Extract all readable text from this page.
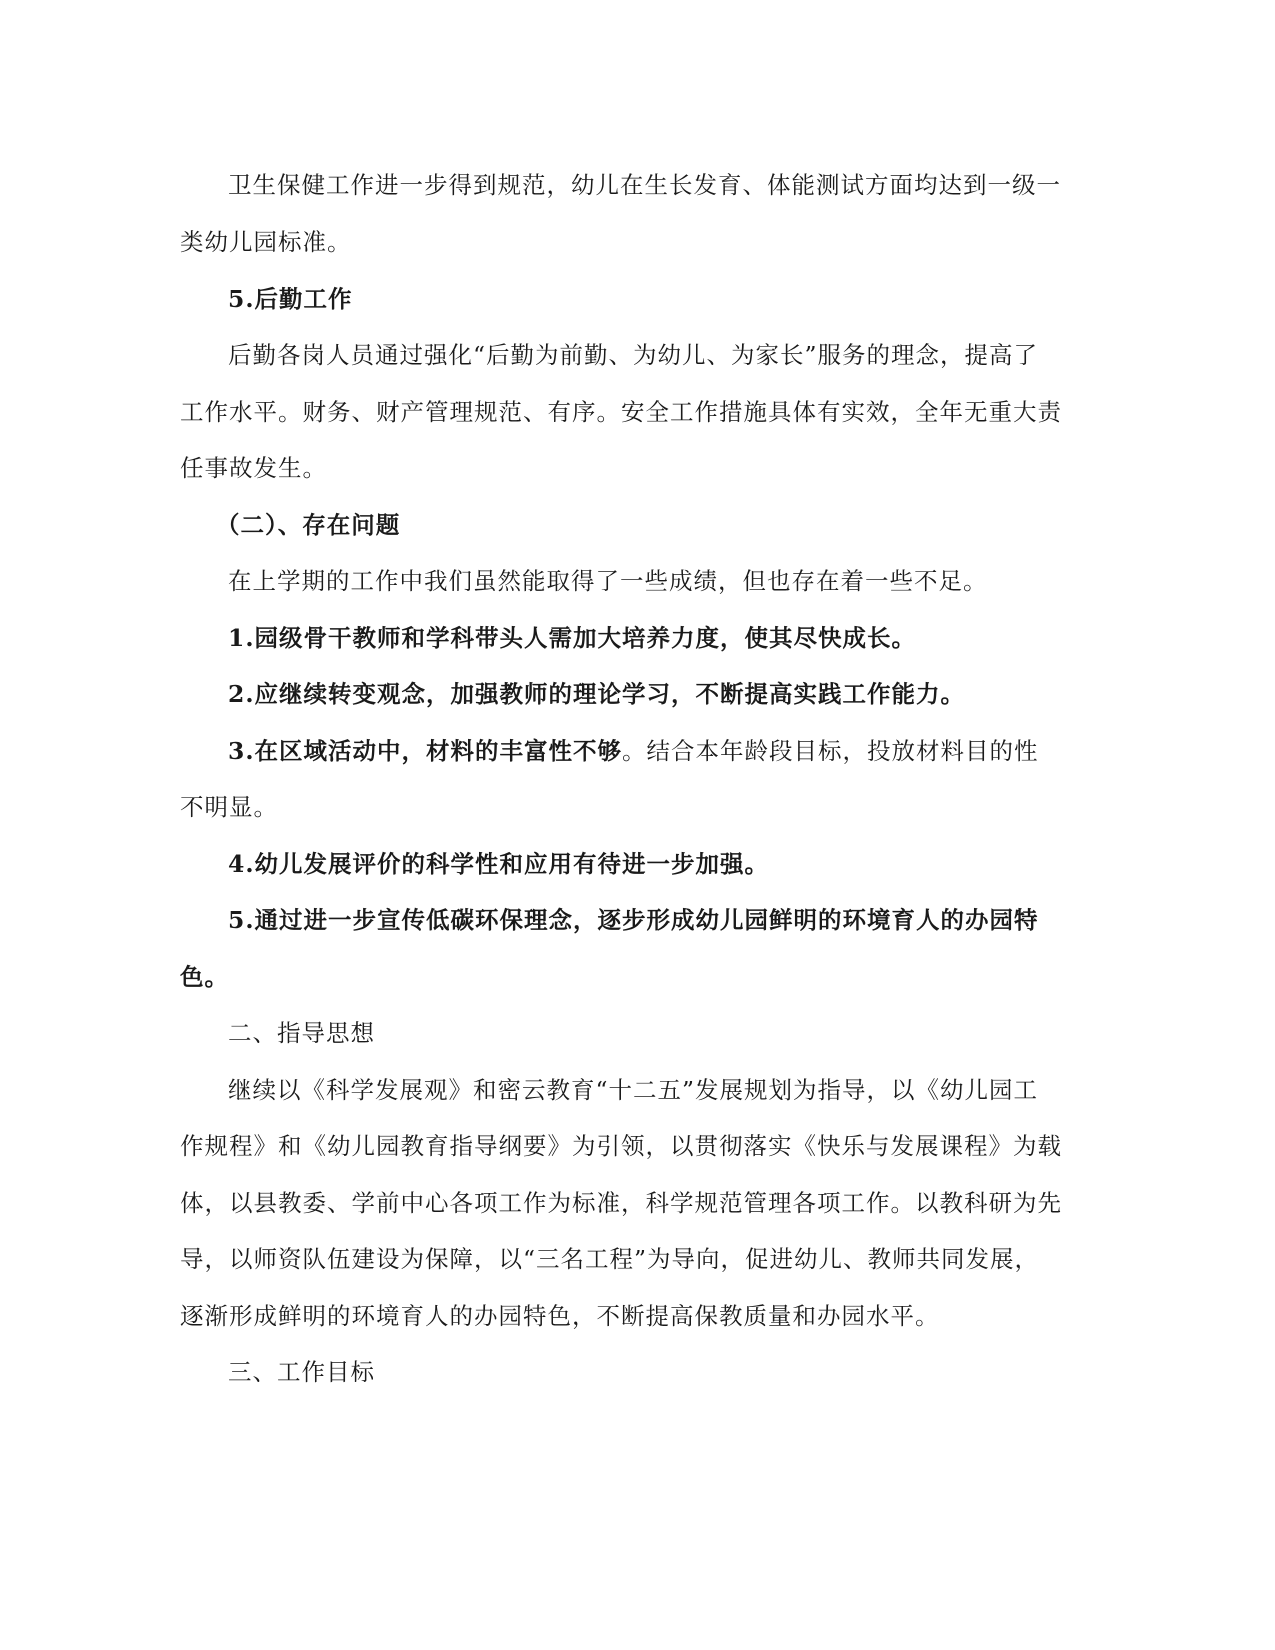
卫生保健工作进一步得到规范，幼儿在生长发育、体能测试方面均达到一级一
类幼儿园标准。
5.后勤工作
后勤各岗人员通过强化“后勤为前勤、为幼儿、为家长”服务的理念，提高了
工作水平。财务、财产管理规范、有序。安全工作措施具体有实效，全年无重大责
任事故发生。
（二）、存在问题
在上学期的工作中我们虽然能取得了一些成绩，但也存在着一些不足。
1.园级骨干教师和学科带头人需加大培养力度，使其尽快成长。
2.应继续转变观念，加强教师的理论学习，不断提高实践工作能力。
3.在区域活动中，材料的丰富性不够。结合本年龄段目标，投放材料目的性
不明显。
4.幼儿发展评价的科学性和应用有待进一步加强。
5.通过进一步宣传低碳环保理念，逐步形成幼儿园鲜明的环境育人的办园特
色。
二、指导思想
继续以《科学发展观》和密云教育“十二五”发展规划为指导，以《幼儿园工
作规程》和《幼儿园教育指导纲要》为引领，以贯彻落实《快乐与发展课程》为载
体，以县教委、学前中心各项工作为标准，科学规范管理各项工作。以教科研为先
导，以师资队伍建设为保障，以“三名工程”为导向，促进幼儿、教师共同发展，
逐渐形成鲜明的环境育人的办园特色，不断提高保教质量和办园水平。
三、工作目标
